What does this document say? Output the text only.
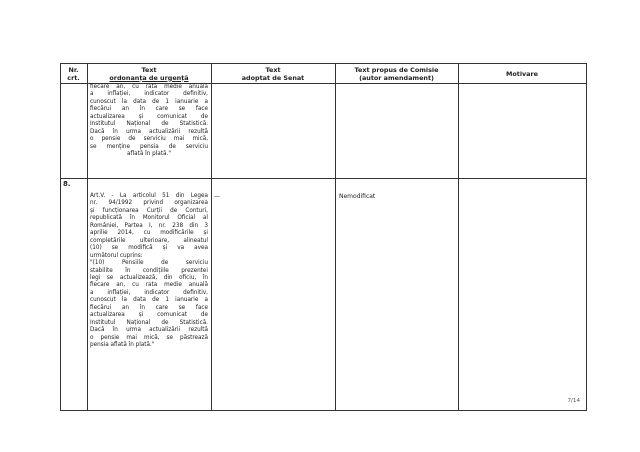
Nr.
crt.
Text
ordonanța de urgență
Text
adoptat de Senat
Text propus de Comisie
(autor amendament)	Motivare
fiecare an, cu rata medie anuală
a inflației, indicator definitiv,
cunoscut la data de 1 ianuarie a
fiecărui an în care se face
actualizarea și comunicat de
Institutul Național de Statistică.
Dacă în urma actualizării rezultă
o pensie de serviciu mai mică,
se menține pensia de serviciu
aflată în plată."
8.
Art.V. - La articolul 51 din Legea
nr. 94/1992 privind organizarea
și funcționarea Curții de Conturi,
republicată în Monitorul Oficial al
României, Partea I, nr. 238 din 3
aprilie 2014, cu modificările și
completările ulterioare, alineatul
(10) se modifică și va avea
următorul cuprins:
"(10) Pensiile de serviciu
stabilite în condițiile prezentei
legi se actualizează, din oficiu, în
fiecare an, cu rata medie anuală
a inflației, indicator definitiv,
cunoscut la data de 1 ianuarie a
fiecărui an în care se face
actualizarea și comunicat de
Institutul Național de Statistică.
Dacă în urma actualizării rezultă
o pensie mai mică, se păstrează
pensia aflată în plată."
—	Nemodificat
7/14
